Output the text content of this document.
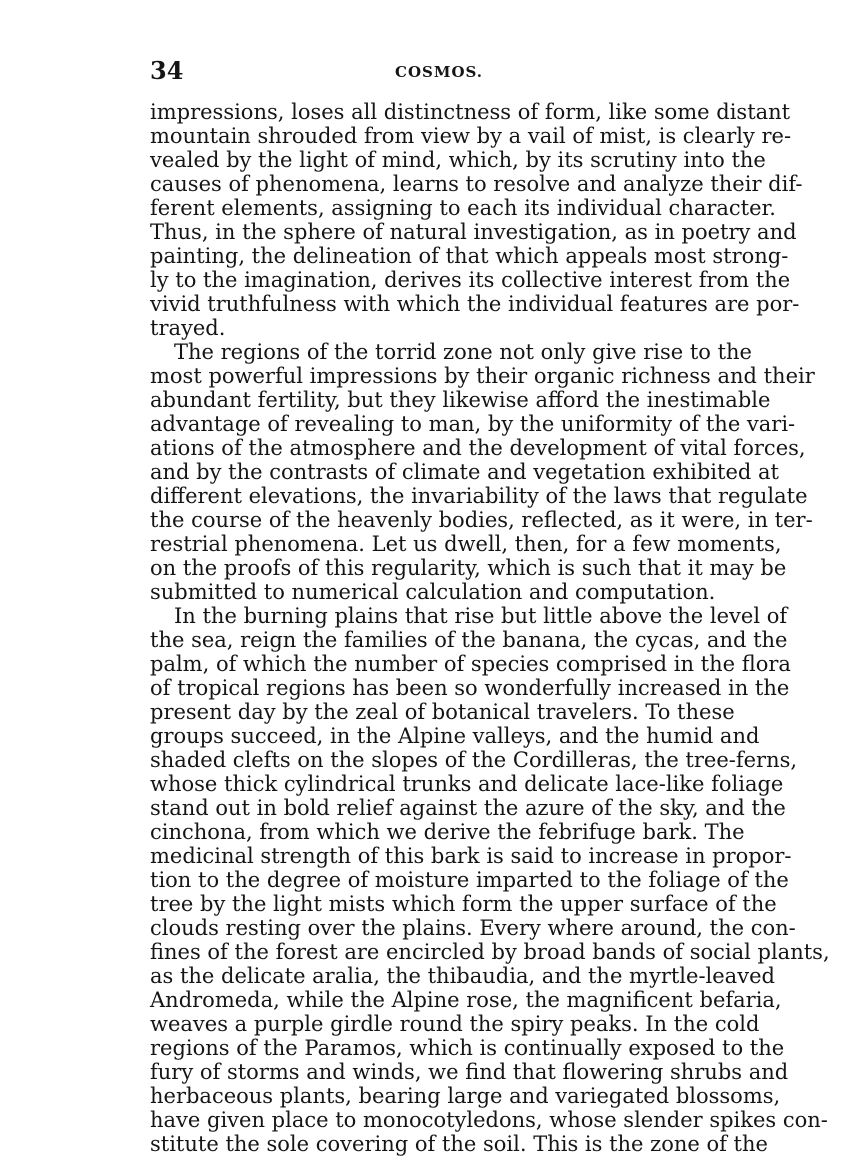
34	COSMOS.
impressions, loses all distinctness of form, like some distant
mountain shrouded from view by a vail of mist, is clearly re-
vealed by the light of mind, which, by its scrutiny into the
causes of phenomena, learns to resolve and analyze their dif-
ferent elements, assigning to each its individual character.
Thus, in the sphere of natural investigation, as in poetry and
painting, the delineation of that which appeals most strong-
ly to the imagination, derives its collective interest from the
vivid truthfulness with which the individual features are por-
trayed.
The regions of the torrid zone not only give rise to the
most powerful impressions by their organic richness and their
abundant fertility, but they likewise afford the inestimable
advantage of revealing to man, by the uniformity of the vari-
ations of the atmosphere and the development of vital forces,
and by the contrasts of climate and vegetation exhibited at
different elevations, the invariability of the laws that regulate
the course of the heavenly bodies, reflected, as it were, in ter-
restrial phenomena. Let us dwell, then, for a few moments,
on the proofs of this regularity, which is such that it may be
submitted to numerical calculation and computation.
In the burning plains that rise but little above the level of
the sea, reign the families of the banana, the cycas, and the
palm, of which the number of species comprised in the flora
of tropical regions has been so wonderfully increased in the
present day by the zeal of botanical travelers. To these
groups succeed, in the Alpine valleys, and the humid and
shaded clefts on the slopes of the Cordilleras, the tree-ferns,
whose thick cylindrical trunks and delicate lace-like foliage
stand out in bold relief against the azure of the sky, and the
cinchona, from which we derive the febrifuge bark. The
medicinal strength of this bark is said to increase in propor-
tion to the degree of moisture imparted to the foliage of the
tree by the light mists which form the upper surface of the
clouds resting over the plains. Every where around, the con-
fines of the forest are encircled by broad bands of social plants,
as the delicate aralia, the thibaudia, and the myrtle-leaved
Andromeda, while the Alpine rose, the magnificent befaria,
weaves a purple girdle round the spiry peaks. In the cold
regions of the Paramos, which is continually exposed to the
fury of storms and winds, we find that flowering shrubs and
herbaceous plants, bearing large and variegated blossoms,
have given place to monocotyledons, whose slender spikes con-
stitute the sole covering of the soil. This is the zone of the
